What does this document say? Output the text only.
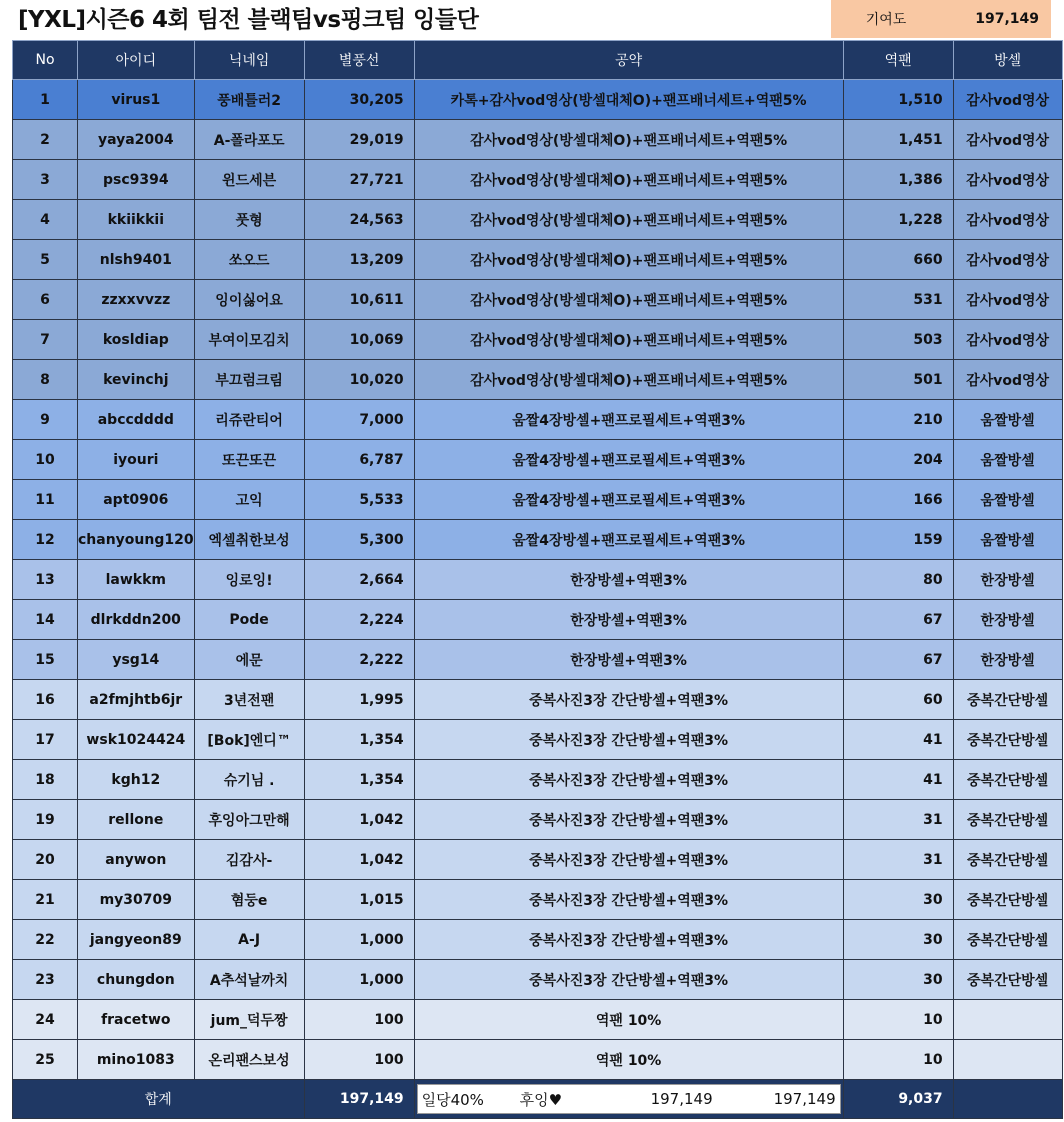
[YXL]시즌6 4회 팀전 블랙팀vs핑크팀 잉들단	기여도	197,149
No	아이디	닉네임	별풍선	공약	역팬	방셀
1	virus1	풍배틀러2	30,205	카톡+감사vod영상(방셀대체O)+팬프배너세트+역팬5%	1,510	감사vod영상
2	yaya2004	A-폴라포도	29,019	감사vod영상(방셀대체O)+팬프배너세트+역팬5%	1,451	감사vod영상
3	psc9394	윈드세븐	27,721	감사vod영상(방셀대체O)+팬프배너세트+역팬5%	1,386	감사vod영상
4	kkiikkii	풋형	24,563	감사vod영상(방셀대체O)+팬프배너세트+역팬5%	1,228	감사vod영상
5	nlsh9401	쏘오드	13,209	감사vod영상(방셀대체O)+팬프배너세트+역팬5%	660	감사vod영상
6	zzxxvvzz	잉이싫어요	10,611	감사vod영상(방셀대체O)+팬프배너세트+역팬5%	531	감사vod영상
7	kosldiap	부여이모김치	10,069	감사vod영상(방셀대체O)+팬프배너세트+역팬5%	503	감사vod영상
8	kevinchj	부끄럼크림	10,020	감사vod영상(방셀대체O)+팬프배너세트+역팬5%	501	감사vod영상
9	abccdddd	리쥬란티어	7,000	움짤4장방셀+팬프로필세트+역팬3%	210	움짤방셀
10	iyouri	또끈또끈	6,787	움짤4장방셀+팬프로필세트+역팬3%	204	움짤방셀
11	apt0906	고익	5,533	움짤4장방셀+팬프로필세트+역팬3%	166	움짤방셀
12	chanyoung120	엑셀취한보성	5,300	움짤4장방셀+팬프로필세트+역팬3%	159	움짤방셀
13	lawkkm	잉로잉!	2,664	한장방셀+역팬3%	80	한장방셀
14	dlrkddn200	Pode	2,224	한장방셀+역팬3%	67	한장방셀
15	ysg14	에문	2,222	한장방셀+역팬3%	67	한장방셀
16	a2fmjhtb6jr	3년전팬	1,995	중복사진3장 간단방셀+역팬3%	60	중복간단방셀
17	wsk1024424	[Bok]엔디™	1,354	중복사진3장 간단방셀+역팬3%	41	중복간단방셀
18	kgh12	슈기님 .	1,354	중복사진3장 간단방셀+역팬3%	41	중복간단방셀
19	rellone	후잉아그만해	1,042	중복사진3장 간단방셀+역팬3%	31	중복간단방셀
20	anywon	김감사-	1,042	중복사진3장 간단방셀+역팬3%	31	중복간단방셀
21	my30709	혐둥e	1,015	중복사진3장 간단방셀+역팬3%	30	중복간단방셀
22	jangyeon89	A-J	1,000	중복사진3장 간단방셀+역팬3%	30	중복간단방셀
23	chungdon	A추석날까치	1,000	중복사진3장 간단방셀+역팬3%	30	중복간단방셀
24	fracetwo	jum_덕두짱	100	역팬 10%	10	
25	mino1083	온리팬스보성	100	역팬 10%	10	
합계			197,149	일당40% 후잉♥ 197,149 197,149	9,037	
